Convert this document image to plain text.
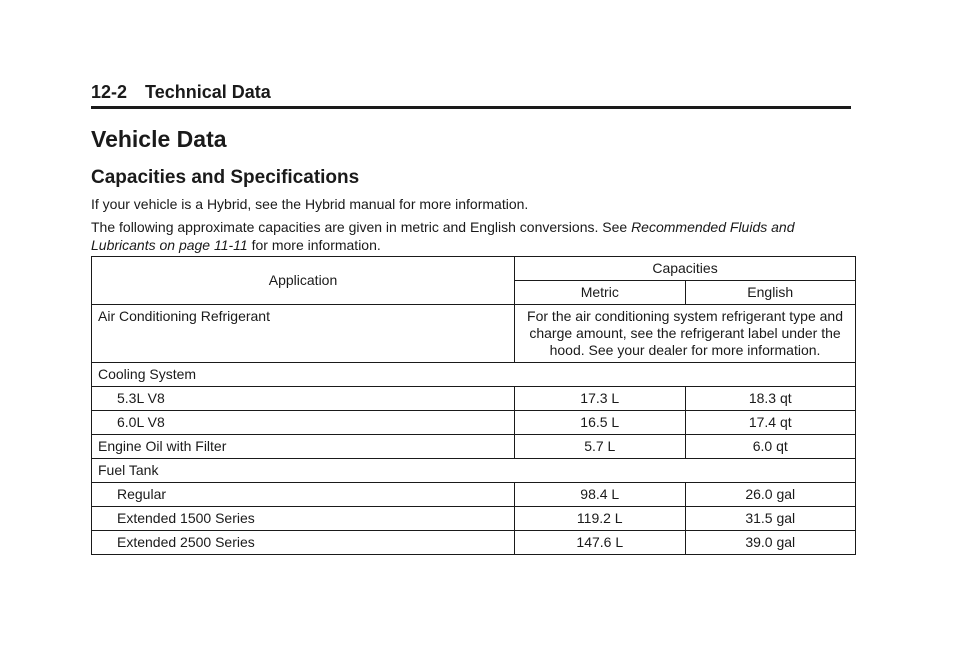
12-2 Technical Data
Vehicle Data
Capacities and Specifications

If your vehicle is a Hybrid, see the Hybrid manual for more information.

The following approximate capacities are given in metric and English conversions. See Recommended Fluids and Lubricants on page 11-11 for more information.

Application	Capacities	
	Metric	English
Air Conditioning Refrigerant	For the air conditioning system refrigerant type and charge amount, see the refrigerant label under the hood. See your dealer for more information.	
Cooling System		
5.3L V8	17.3 L	18.3 qt
6.0L V8	16.5 L	17.4 qt
Engine Oil with Filter	5.7 L	6.0 qt
Fuel Tank		
Regular	98.4 L	26.0 gal
Extended 1500 Series	119.2 L	31.5 gal
Extended 2500 Series	147.6 L	39.0 gal
